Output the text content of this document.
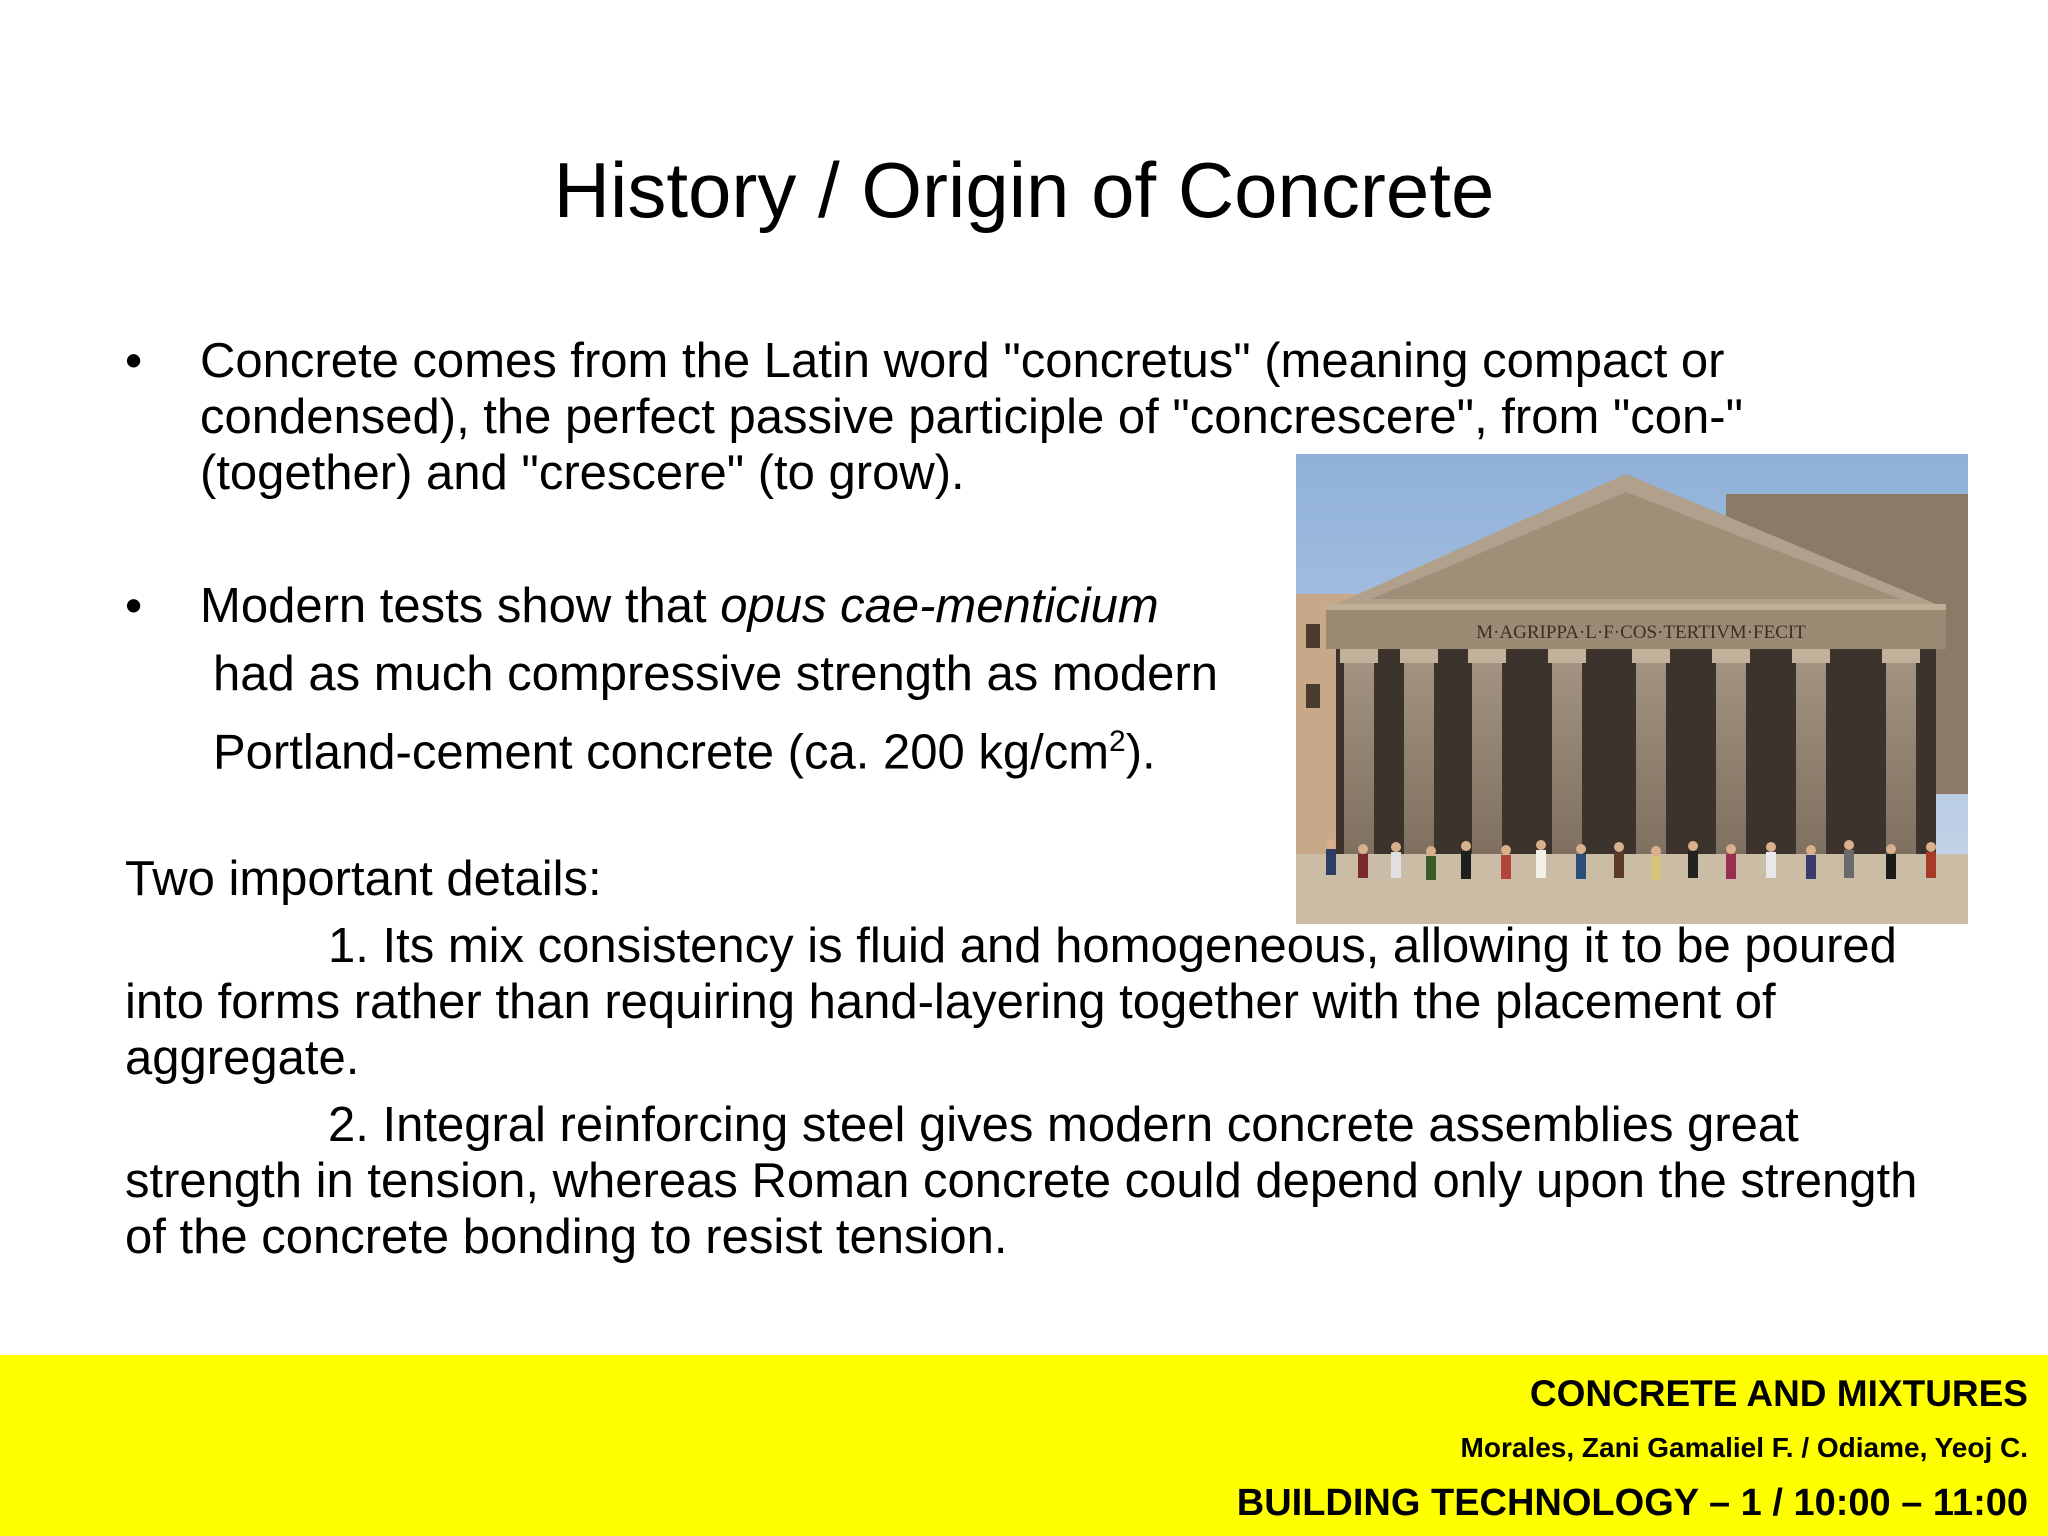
History / Origin of Concrete
• Concrete comes from the Latin word "concretus" (meaning compact or condensed), the perfect passive participle of "concrescere", from "con-" (together) and "crescere" (to grow).
• Modern tests show that opus cae-menticium
had as much compressive strength as modern
Portland-cement concrete (ca. 200 $kg/cm^2$).
M·AGRIPPA·L·F·COS·TERTIVM·FECIT
Two important details:
1. Its mix consistency is fluid and homogeneous, allowing it to be poured into forms rather than requiring hand-layering together with the placement of aggregate.
2. Integral reinforcing steel gives modern concrete assemblies great strength in tension, whereas Roman concrete could depend only upon the strength of the concrete bonding to resist tension.
CONCRETE AND MIXTURES
Morales, Zani Gamaliel F. / Odiame, Yeoj C.
BUILDING TECHNOLOGY – 1 / 10:00 – 11:00
